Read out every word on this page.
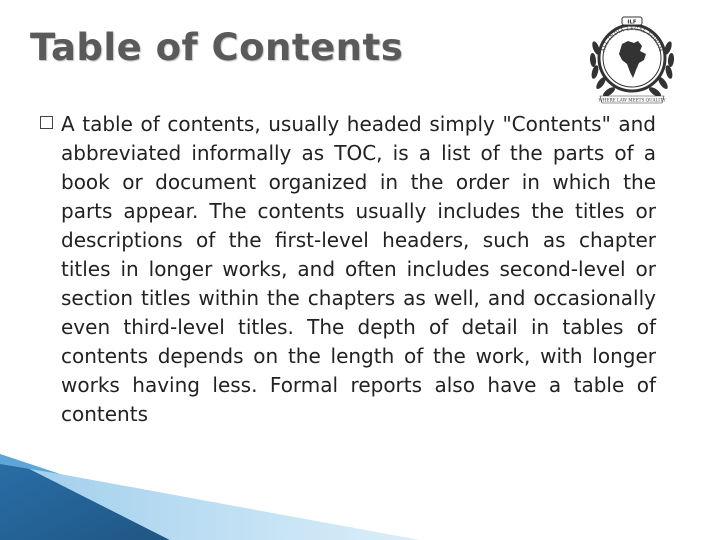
Table of Contents
ILF
ALL INDIA LEGAL FORUM
WHERE LAW MEETS QUALITY

A table of contents, usually headed simply "Contents" and abbreviated informally as TOC, is a list of the parts of a book or document organized in the order in which the parts appear. The contents usually includes the titles or descriptions of the first-level headers, such as chapter titles in longer works, and often includes second-level or section titles within the chapters as well, and occasionally even third-level titles. The depth of detail in tables of contents depends on the length of the work, with longer works having less. Formal reports also have a table of contents
